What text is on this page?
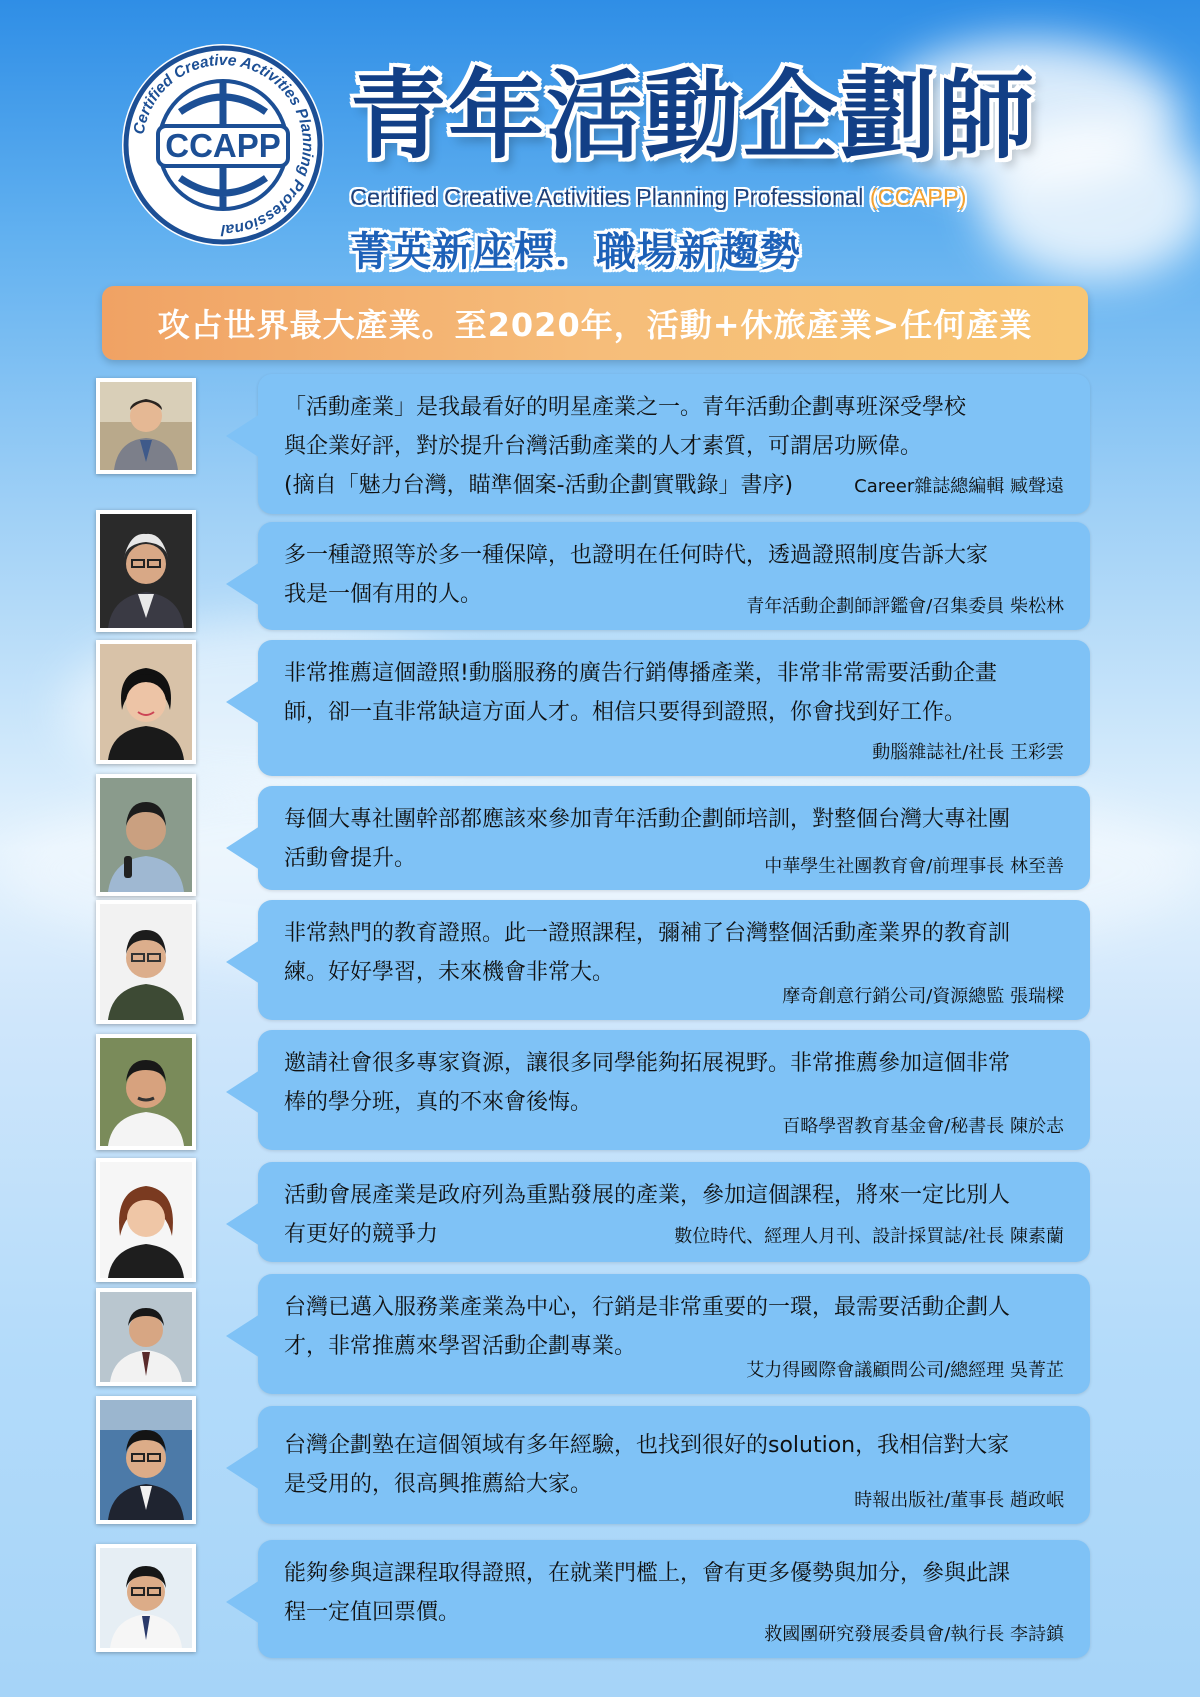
Certified Creative Activities Planning Professional
CCAPP 青年活動企劃師
Certified Creative Activities Planning Professional (CCAPP)
菁英新座標．職場新趨勢
攻占世界最大產業。至2020年，活動+休旅產業>任何產業
「活動產業」是我最看好的明星產業之一。青年活動企劃專班深受學校
與企業好評，對於提升台灣活動產業的人才素質，可謂居功厥偉。
(摘自「魅力台灣，瞄準個案-活動企劃實戰錄」書序)	Career雜誌總編輯 臧聲遠
多一種證照等於多一種保障，也證明在任何時代，透過證照制度告訴大家
我是一個有用的人。	青年活動企劃師評鑑會/召集委員 柴松林
非常推薦這個證照!動腦服務的廣告行銷傳播產業，非常非常需要活動企畫
師，卻一直非常缺這方面人才。相信只要得到證照，你會找到好工作。
動腦雜誌社/社長 王彩雲
每個大專社團幹部都應該來參加青年活動企劃師培訓，對整個台灣大專社團
活動會提升。	中華學生社團教育會/前理事長 林至善
非常熱門的教育證照。此一證照課程，彌補了台灣整個活動產業界的教育訓
練。好好學習，未來機會非常大。
摩奇創意行銷公司/資源總監 張瑞樑
邀請社會很多專家資源，讓很多同學能夠拓展視野。非常推薦參加這個非常
棒的學分班，真的不來會後悔。
百略學習教育基金會/秘書長 陳於志
活動會展產業是政府列為重點發展的產業，參加這個課程，將來一定比別人
有更好的競爭力	數位時代、經理人月刊、設計採買誌/社長 陳素蘭
台灣已邁入服務業產業為中心，行銷是非常重要的一環，最需要活動企劃人
才，非常推薦來學習活動企劃專業。
艾力得國際會議顧問公司/總經理 吳菁芷
台灣企劃塾在這個領域有多年經驗，也找到很好的solution，我相信對大家
是受用的，很高興推薦給大家。
時報出版社/董事長 趙政岷
能夠參與這課程取得證照，在就業門檻上，會有更多優勢與加分，參與此課
程一定值回票價。
救國團研究發展委員會/執行長 李詩鎮
